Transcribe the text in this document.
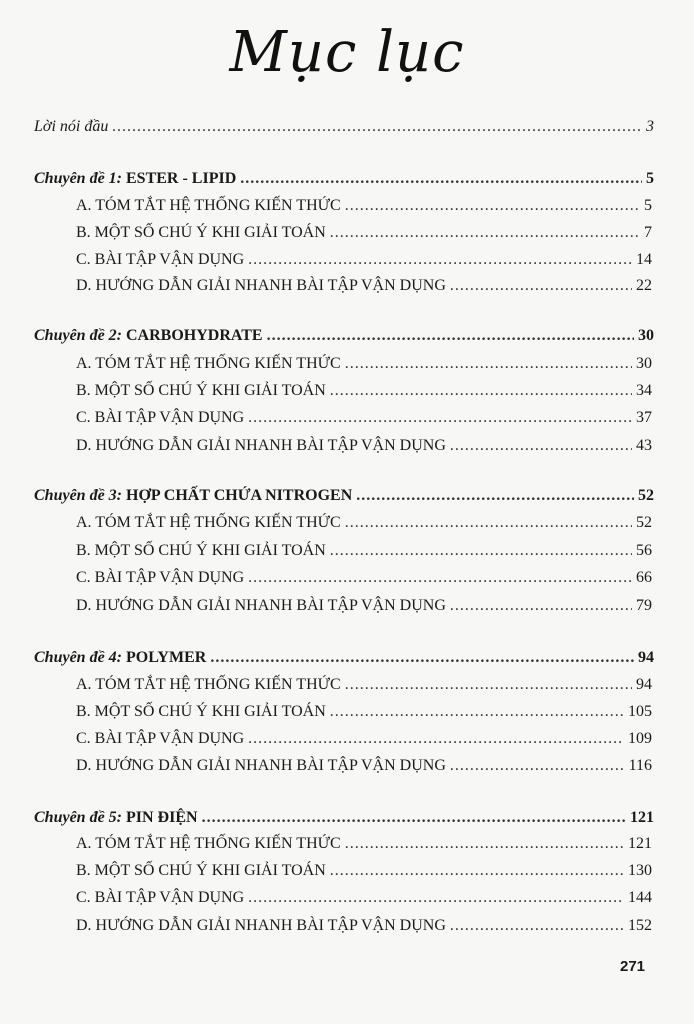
Mục lục
Lời nói đầu .....	3
Chuyên đề 1: ESTER - LIPID .....	5
A. TÓM TẮT HỆ THỐNG KIẾN THỨC .....	5
B. MỘT SỐ CHÚ Ý KHI GIẢI TOÁN .....	7
C. BÀI TẬP VẬN DỤNG .....	14
D. HƯỚNG DẪN GIẢI NHANH BÀI TẬP VẬN DỤNG .....	22
Chuyên đề 2: CARBOHYDRATE .....	30
A. TÓM TẮT HỆ THỐNG KIẾN THỨC .....	30
B. MỘT SỐ CHÚ Ý KHI GIẢI TOÁN .....	34
C. BÀI TẬP VẬN DỤNG .....	37
D. HƯỚNG DẪN GIẢI NHANH BÀI TẬP VẬN DỤNG .....	43
Chuyên đề 3: HỢP CHẤT CHỨA NITROGEN .....	52
A. TÓM TẮT HỆ THỐNG KIẾN THỨC .....	52
B. MỘT SỐ CHÚ Ý KHI GIẢI TOÁN .....	56
C. BÀI TẬP VẬN DỤNG .....	66
D. HƯỚNG DẪN GIẢI NHANH BÀI TẬP VẬN DỤNG .....	79
Chuyên đề 4: POLYMER .....	94
A. TÓM TẮT HỆ THỐNG KIẾN THỨC .....	94
B. MỘT SỐ CHÚ Ý KHI GIẢI TOÁN .....	105
C. BÀI TẬP VẬN DỤNG .....	109
D. HƯỚNG DẪN GIẢI NHANH BÀI TẬP VẬN DỤNG .....	116
Chuyên đề 5: PIN ĐIỆN .....	121
A. TÓM TẮT HỆ THỐNG KIẾN THỨC .....	121
B. MỘT SỐ CHÚ Ý KHI GIẢI TOÁN .....	130
C. BÀI TẬP VẬN DỤNG .....	144
D. HƯỚNG DẪN GIẢI NHANH BÀI TẬP VẬN DỤNG .....	152
271
